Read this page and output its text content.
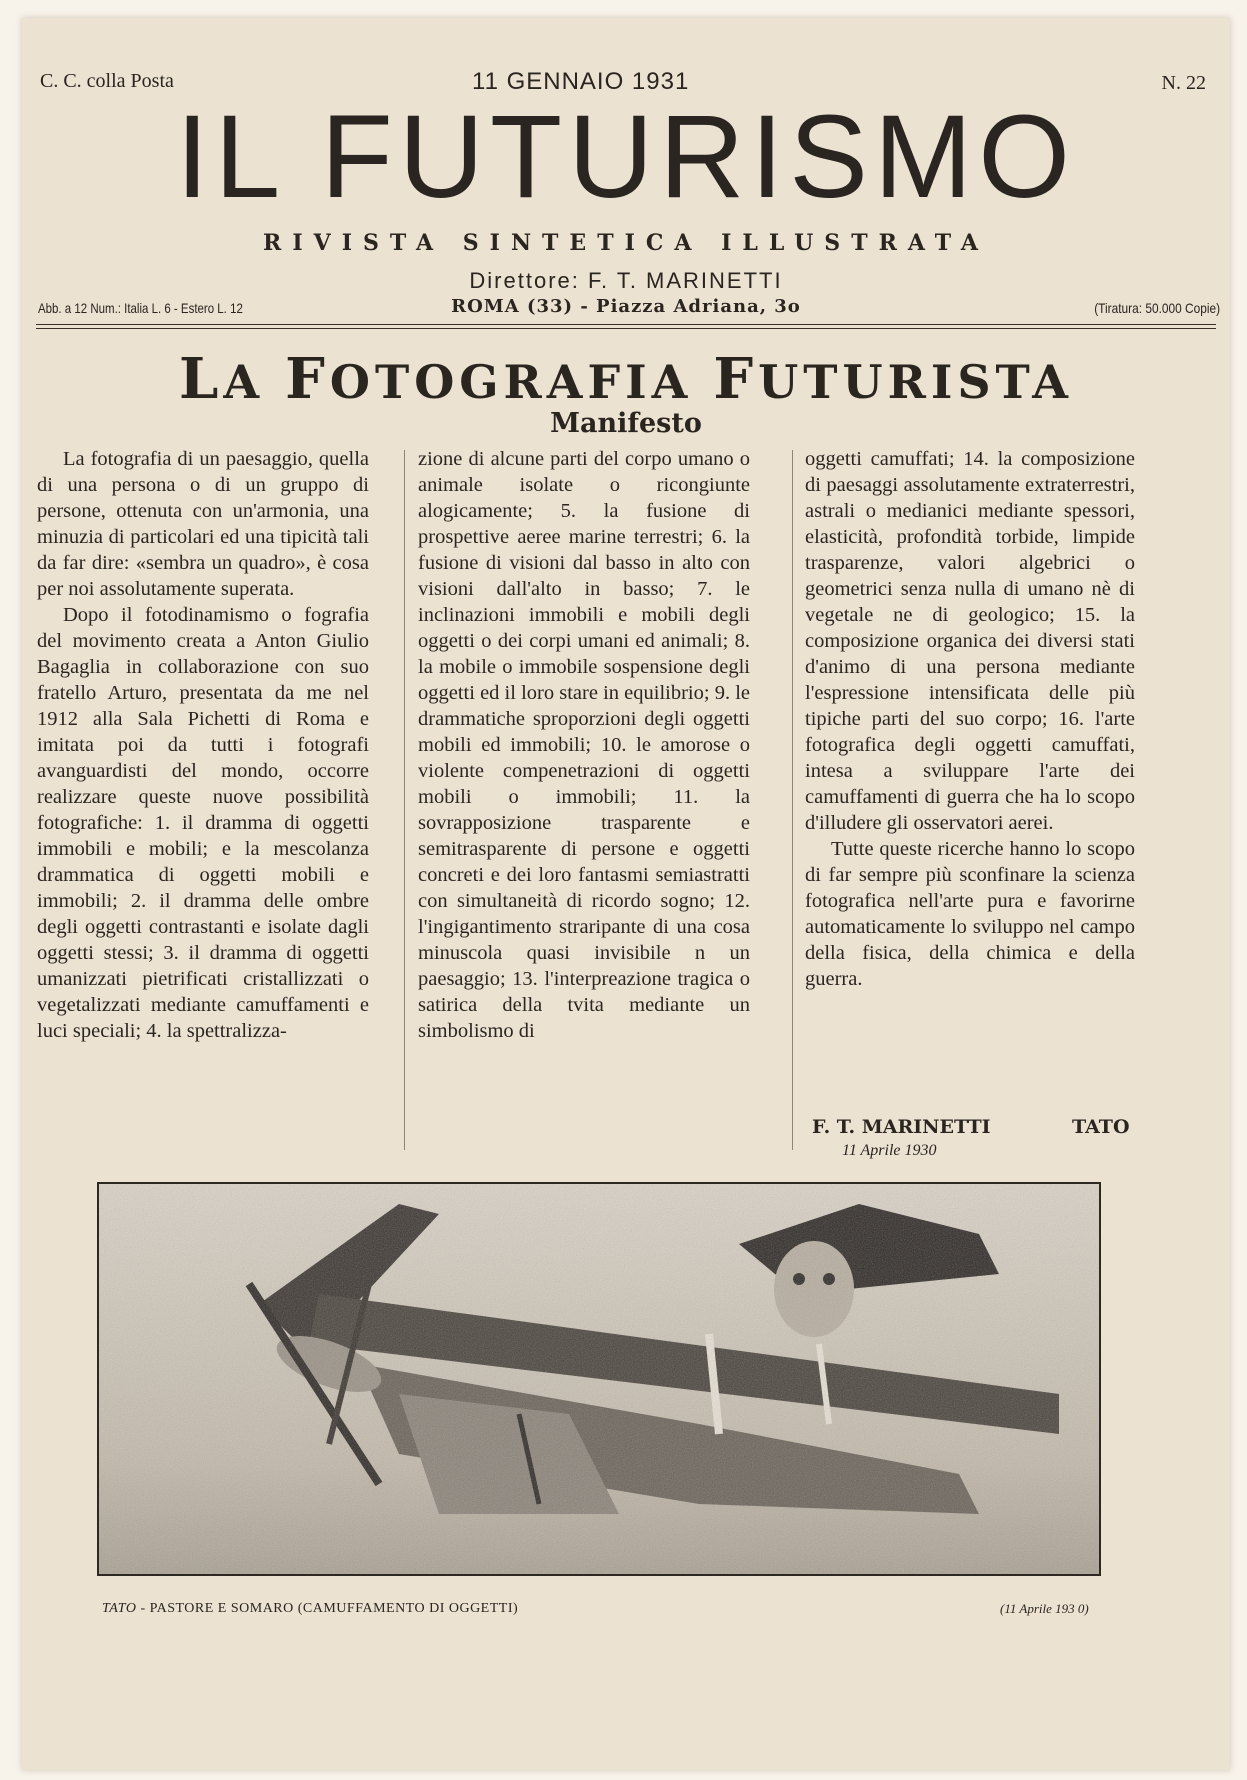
C. C. colla Posta	11 GENNAIO 1931	N. 22
IL FUTURISMO
RIVISTA SINTETICA ILLUSTRATA
Direttore: F. T. MARINETTI
Abb. a 12 Num.: Italia L. 6 - Estero L. 12	ROMA (33) - Piazza Adriana, 3o	(Tiratura: 50.000 Copie)
LA FOTOGRAFIA FUTURISTA
Manifesto

La fotografia di un paesaggio, quella di una persona o di un gruppo di persone, ottenuta con un'armonia, una minuzia di particolari ed una tipicità tali da far dire: «sembra un quadro», è cosa per noi assolutamente superata.

Dopo il fotodinamismo o fografia del movimento creata a Anton Giulio Bagaglia in collaborazione con suo fratello Arturo, presentata da me nel 1912 alla Sala Pichetti di Roma e imitata poi da tutti i fotografi avanguardisti del mondo, occorre realizzare queste nuove possibilità fotografiche: 1. il dramma di oggetti immobili e mobili; e la mescolanza drammatica di oggetti mobili e immobili; 2. il dramma delle ombre degli oggetti contrastanti e isolate dagli oggetti stessi; 3. il dramma di oggetti umanizzati pietrificati cristallizzati o vegetalizzati mediante camuffamenti e luci speciali; 4. la spettralizza-

zione di alcune parti del corpo umano o animale isolate o ricongiunte alogicamente; 5. la fusione di prospettive aeree marine terrestri; 6. la fusione di visioni dal basso in alto con visioni dall'alto in basso; 7. le inclinazioni immobili e mobili degli oggetti o dei corpi umani ed animali; 8. la mobile o immobile sospensione degli oggetti ed il loro stare in equilibrio; 9. le drammatiche sproporzioni degli oggetti mobili ed immobili; 10. le amorose o violente compenetrazioni di oggetti mobili o immobili; 11. la sovrapposizione trasparente e semitrasparente di persone e oggetti concreti e dei loro fantasmi semiastratti con simultaneità di ricordo sogno; 12. l'ingigantimento straripante di una cosa minuscola quasi invisibile n un paesaggio; 13. l'interpreazione tragica o satirica della tvita mediante un simbolismo di

oggetti camuffati; 14. la composizione di paesaggi assolutamente extraterrestri, astrali o medianici mediante spessori, elasticità, profondità torbide, limpide trasparenze, valori algebrici o geometrici senza nulla di umano nè di vegetale ne di geologico; 15. la composizione organica dei diversi stati d'animo di una persona mediante l'espressione intensificata delle più tipiche parti del suo corpo; 16. l'arte fotografica degli oggetti camuffati, intesa a sviluppare l'arte dei camuffamenti di guerra che ha lo scopo d'illudere gli osservatori aerei.

Tutte queste ricerche hanno lo scopo di far sempre più sconfinare la scienza fotografica nell'arte pura e favorirne automaticamente lo sviluppo nel campo della fisica, della chimica e della guerra.

F. T. MARINETTI	TATO
11 Aprile 1930
TATO - PASTORE E SOMARO (CAMUFFAMENTO DI OGGETTI)	(11 Aprile 193 0)
